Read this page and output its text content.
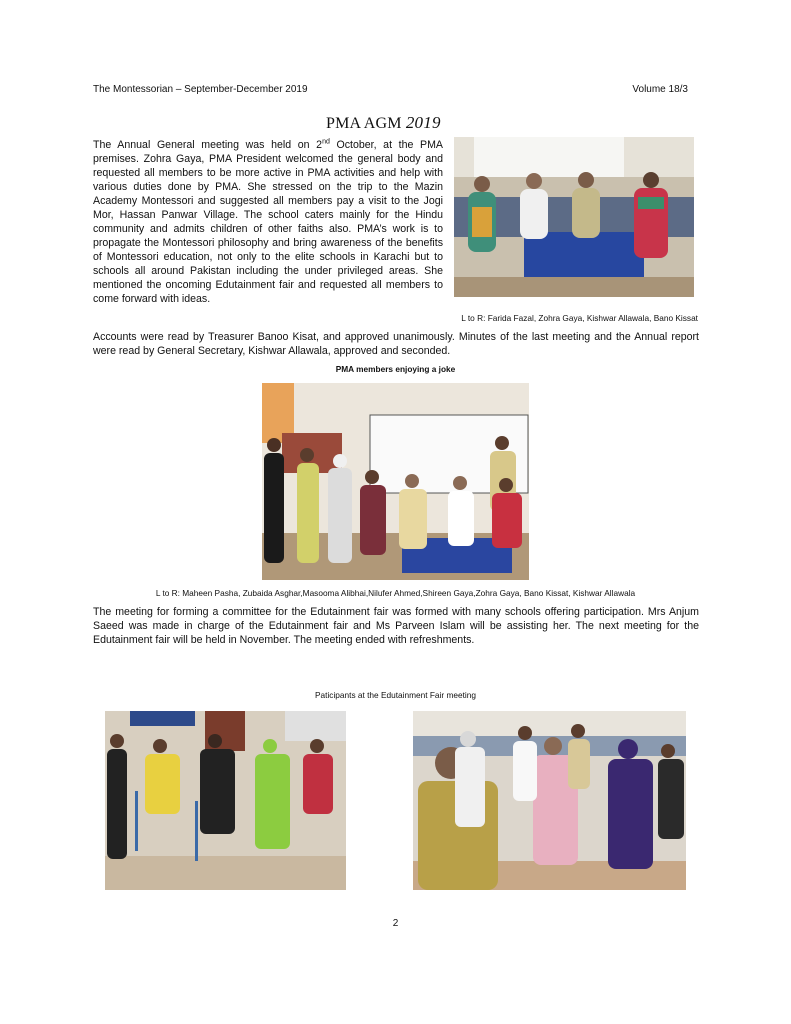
The Montessorian – September-December 2019	Volume 18/3
PMA AGM 2019
The Annual General meeting was held on 2nd October, at the PMA premises. Zohra Gaya, PMA President welcomed the general body and requested all members to be more active in PMA activities and help with various duties done by PMA. She stressed on the trip to the Mazin Academy Montessori and suggested all members pay a visit to the Jogi Mor, Hassan Panwar Village. The school caters mainly for the Hindu community and admits children of other faiths also. PMA’s work is to propagate the Montessori philosophy and bring awareness of the benefits of Montessori education, not only to the elite schools in Karachi but to schools all around Pakistan including the under privileged areas. She mentioned the oncoming Edutainment fair and requested all members to come forward with ideas.
L to R: Farida Fazal, Zohra Gaya, Kishwar Allawala, Bano Kissat
Accounts were read by Treasurer Banoo Kisat, and approved unanimously. Minutes of the last meeting and the Annual report were read by General Secretary, Kishwar Allawala, approved and seconded.
PMA members enjoying a joke
L to R: Maheen Pasha, Zubaida Asghar,Masooma Alibhai,Nilufer Ahmed,Shireen Gaya,Zohra Gaya, Bano Kissat, Kishwar Allawala
The meeting for forming a committee for the Edutainment fair was formed with many schools offering participation. Mrs Anjum Saeed was made in charge of the Edutainment fair and Ms Parveen Islam will be assisting her. The next meeting for the Edutainment fair will be held in November. The meeting ended with refreshments.
Paticipants at the Edutainment Fair meeting
2
